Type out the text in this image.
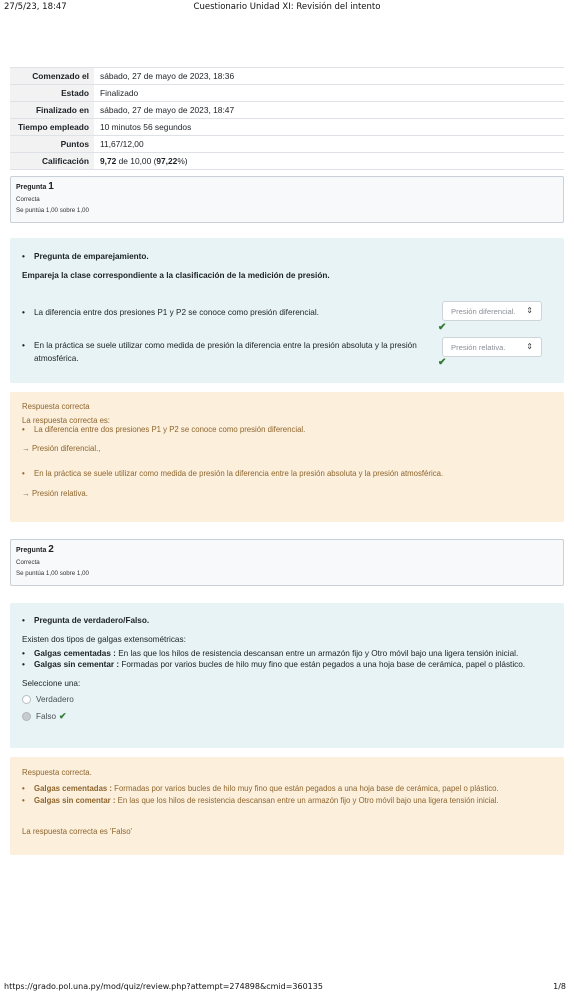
27/5/23, 18:47	Cuestionario Unidad XI: Revisión del intento
Comenzado el	sábado, 27 de mayo de 2023, 18:36
Estado	Finalizado
Finalizado en	sábado, 27 de mayo de 2023, 18:47
Tiempo empleado	10 minutos 56 segundos
Puntos	11,67/12,00
Calificación	9,72 de 10,00 (97,22%)
Pregunta 1
Correcta
Se puntúa 1,00 sobre 1,00
•	Pregunta de emparejamiento.
Empareja la clase correspondiente a la clasificación de la medición de presión.
•	La diferencia entre dos presiones P1 y P2 se conoce como presión diferencial.	Presión diferencial. ⇕
✔
•	En la práctica se suele utilizar como medida de presión la diferencia entre la presión absoluta y la presión atmosférica.
Presión relativa.	⇕
✔
Respuesta correcta
La respuesta correcta es:
•	La diferencia entre dos presiones P1 y P2 se conoce como presión diferencial.
→ Presión diferencial.,
•	En la práctica se suele utilizar como medida de presión la diferencia entre la presión absoluta y la presión atmosférica.
→ Presión relativa.
Pregunta 2
Correcta
Se puntúa 1,00 sobre 1,00
•	Pregunta de verdadero/Falso.
Existen dos tipos de galgas extensométricas:
•	Galgas cementadas : En las que los hilos de resistencia descansan entre un armazón fijo y Otro móvil bajo una ligera tensión inicial.
•	Galgas sin cementar : Formadas por varios bucles de hilo muy fino que están pegados a una hoja base de cerámica, papel o plástico.
Seleccione una:
Verdadero
Falso ✔
Respuesta correcta.
•	Galgas cementadas : Formadas por varios bucles de hilo muy fino que están pegados a una hoja base de cerámica, papel o plástico.
•	Galgas sin comentar : En las que los hilos de resistencia descansan entre un armazón fijo y Otro móvil bajo una ligera tensión inicial.
La respuesta correcta es 'Falso'
https://grado.pol.una.py/mod/quiz/review.php?attempt=274898&cmid=360135	1/8
